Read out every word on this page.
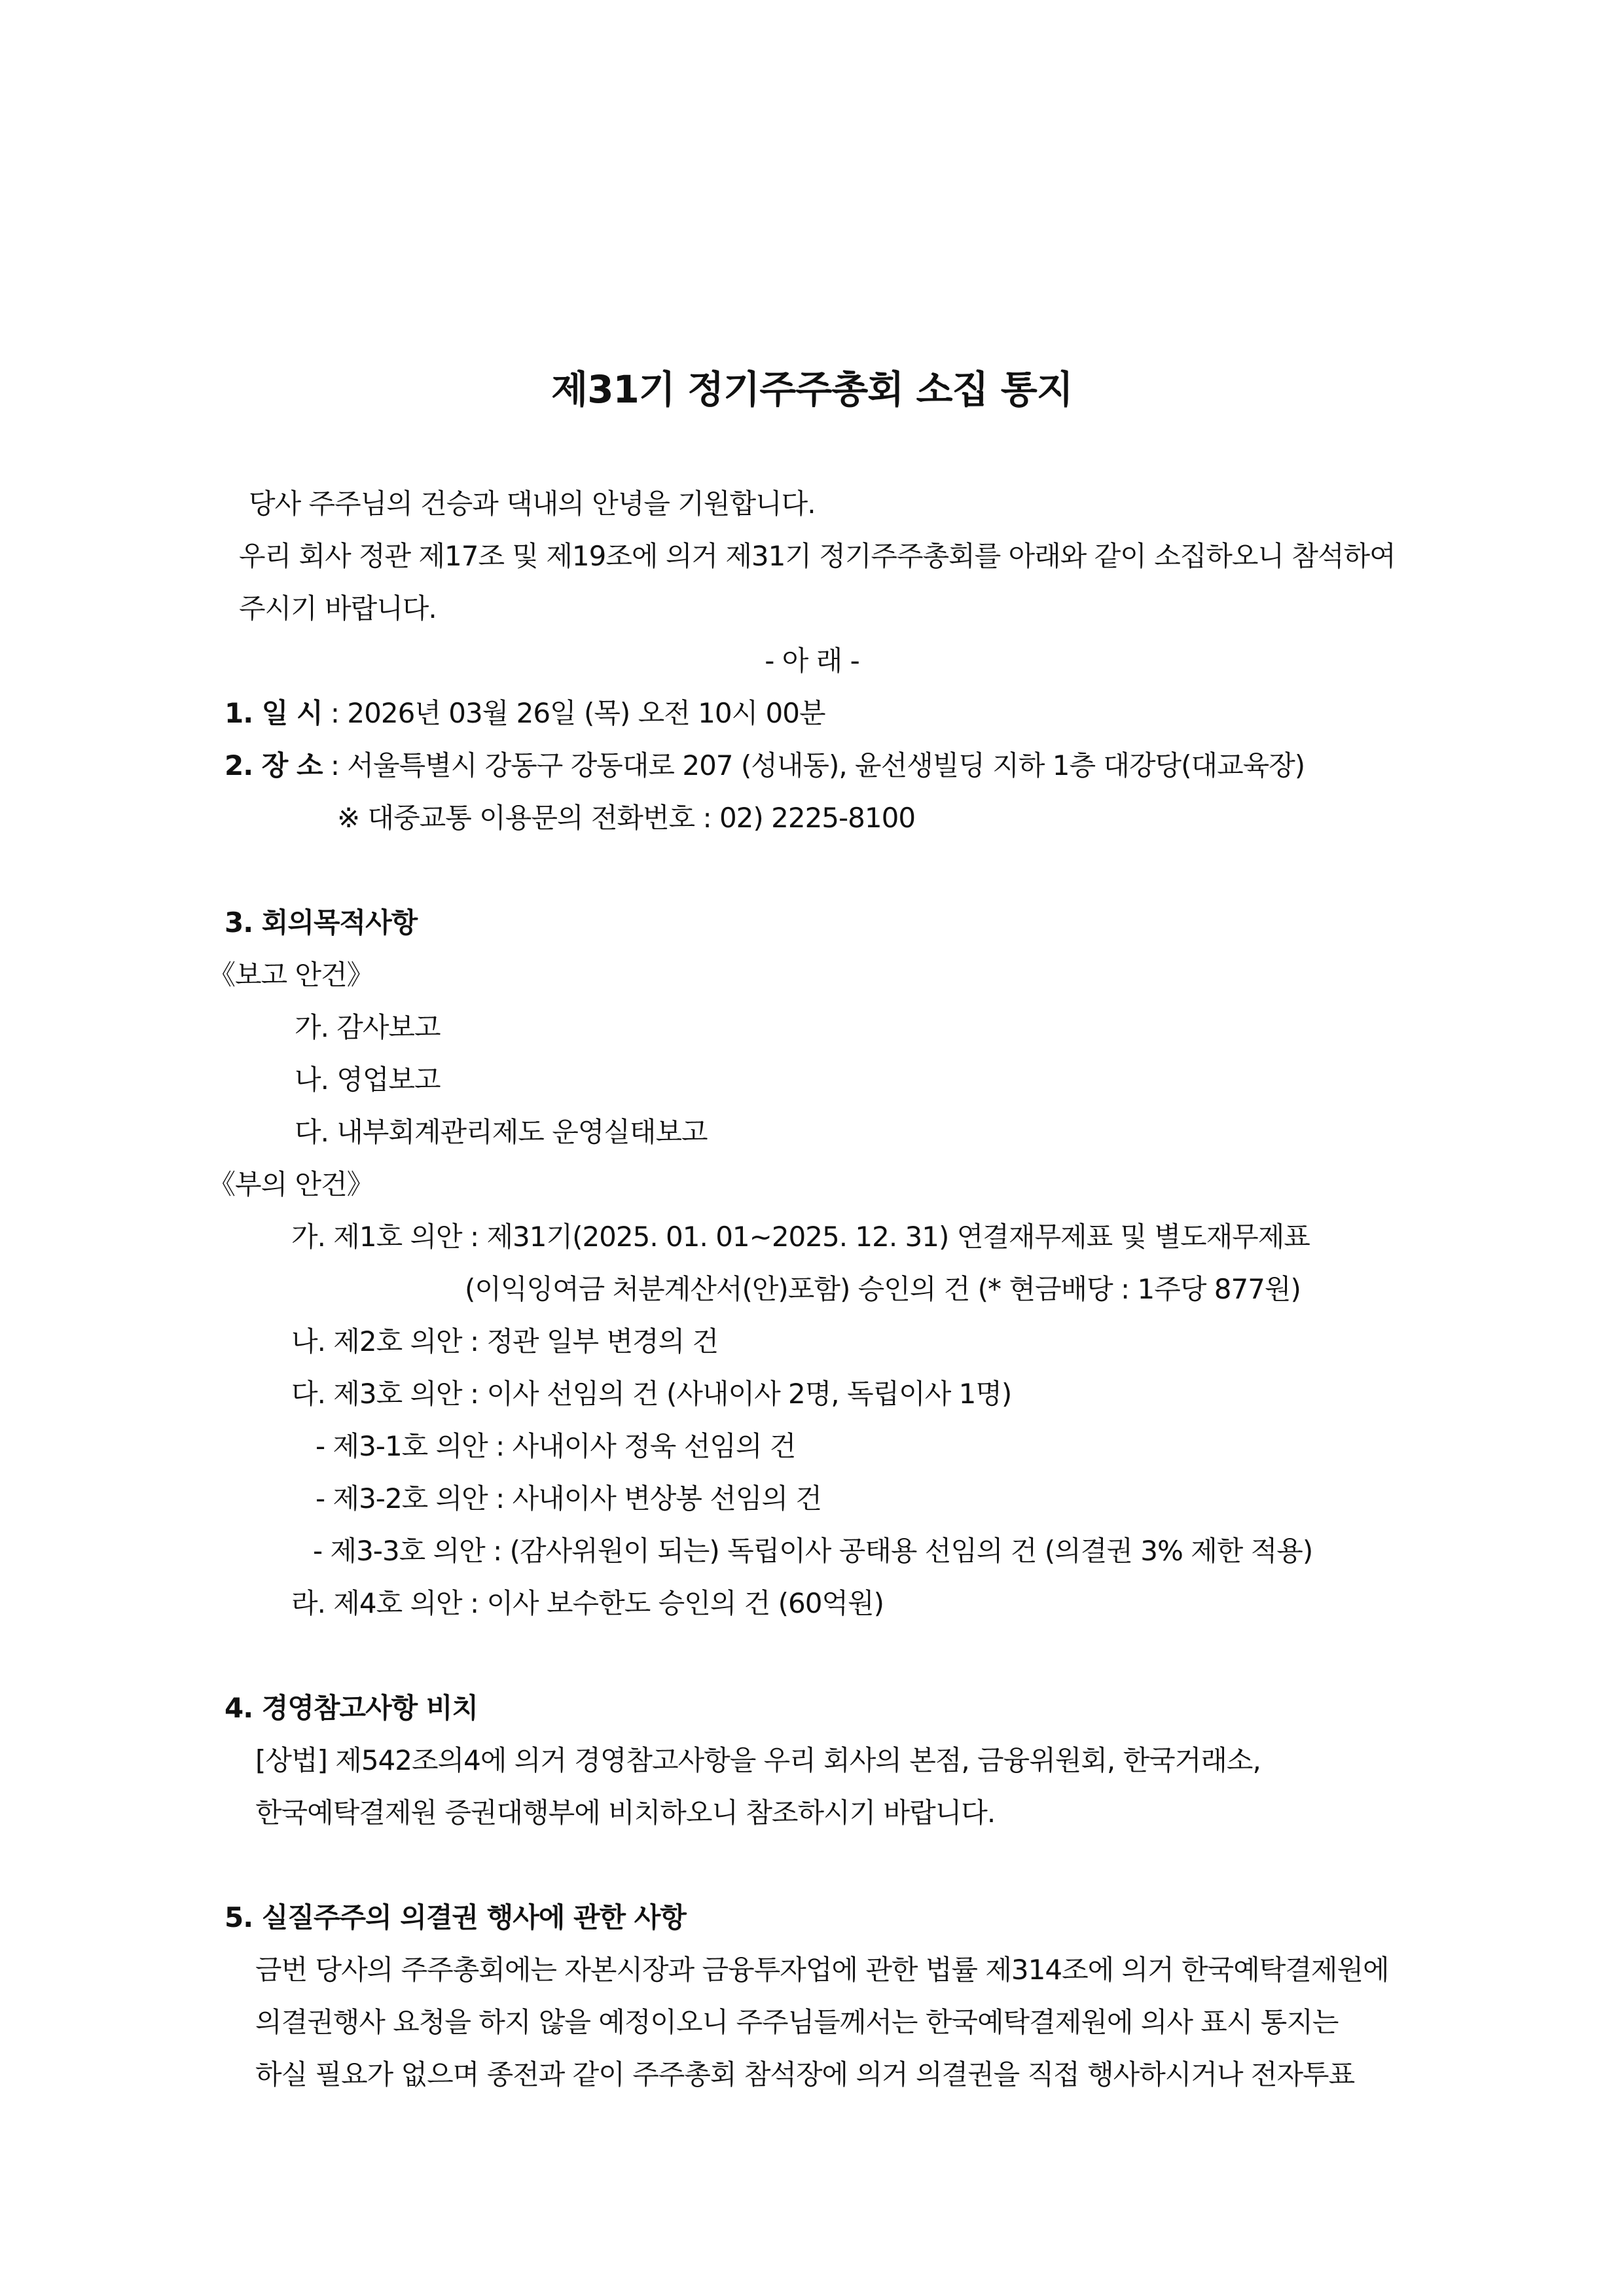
제31기 정기주주총회 소집 통지
당사 주주님의 건승과 댁내의 안녕을 기원합니다.
우리 회사 정관 제17조 및 제19조에 의거 제31기 정기주주총회를 아래와 같이 소집하오니 참석하여
주시기 바랍니다.
- 아 래 -
1. 일 시 : 2026년 03월 26일 (목) 오전 10시 00분
2. 장 소 : 서울특별시 강동구 강동대로 207 (성내동), 윤선생빌딩 지하 1층 대강당(대교육장)
※ 대중교통 이용문의 전화번호 : 02) 2225-8100
3. 회의목적사항
《보고 안건》
가. 감사보고
나. 영업보고
다. 내부회계관리제도 운영실태보고
《부의 안건》
가. 제1호 의안 : 제31기(2025. 01. 01~2025. 12. 31) 연결재무제표 및 별도재무제표
(이익잉여금 처분계산서(안)포함) 승인의 건 (* 현금배당 : 1주당 877원)
나. 제2호 의안 : 정관 일부 변경의 건
다. 제3호 의안 : 이사 선임의 건 (사내이사 2명, 독립이사 1명)
- 제3-1호 의안 : 사내이사 정욱 선임의 건
- 제3-2호 의안 : 사내이사 변상봉 선임의 건
- 제3-3호 의안 : (감사위원이 되는) 독립이사 공태용 선임의 건 (의결권 3% 제한 적용)
라. 제4호 의안 : 이사 보수한도 승인의 건 (60억원)
4. 경영참고사항 비치
[상법] 제542조의4에 의거 경영참고사항을 우리 회사의 본점, 금융위원회, 한국거래소,
한국예탁결제원 증권대행부에 비치하오니 참조하시기 바랍니다.
5. 실질주주의 의결권 행사에 관한 사항
금번 당사의 주주총회에는 자본시장과 금융투자업에 관한 법률 제314조에 의거 한국예탁결제원에
의결권행사 요청을 하지 않을 예정이오니 주주님들께서는 한국예탁결제원에 의사 표시 통지는
하실 필요가 없으며 종전과 같이 주주총회 참석장에 의거 의결권을 직접 행사하시거나 전자투표
